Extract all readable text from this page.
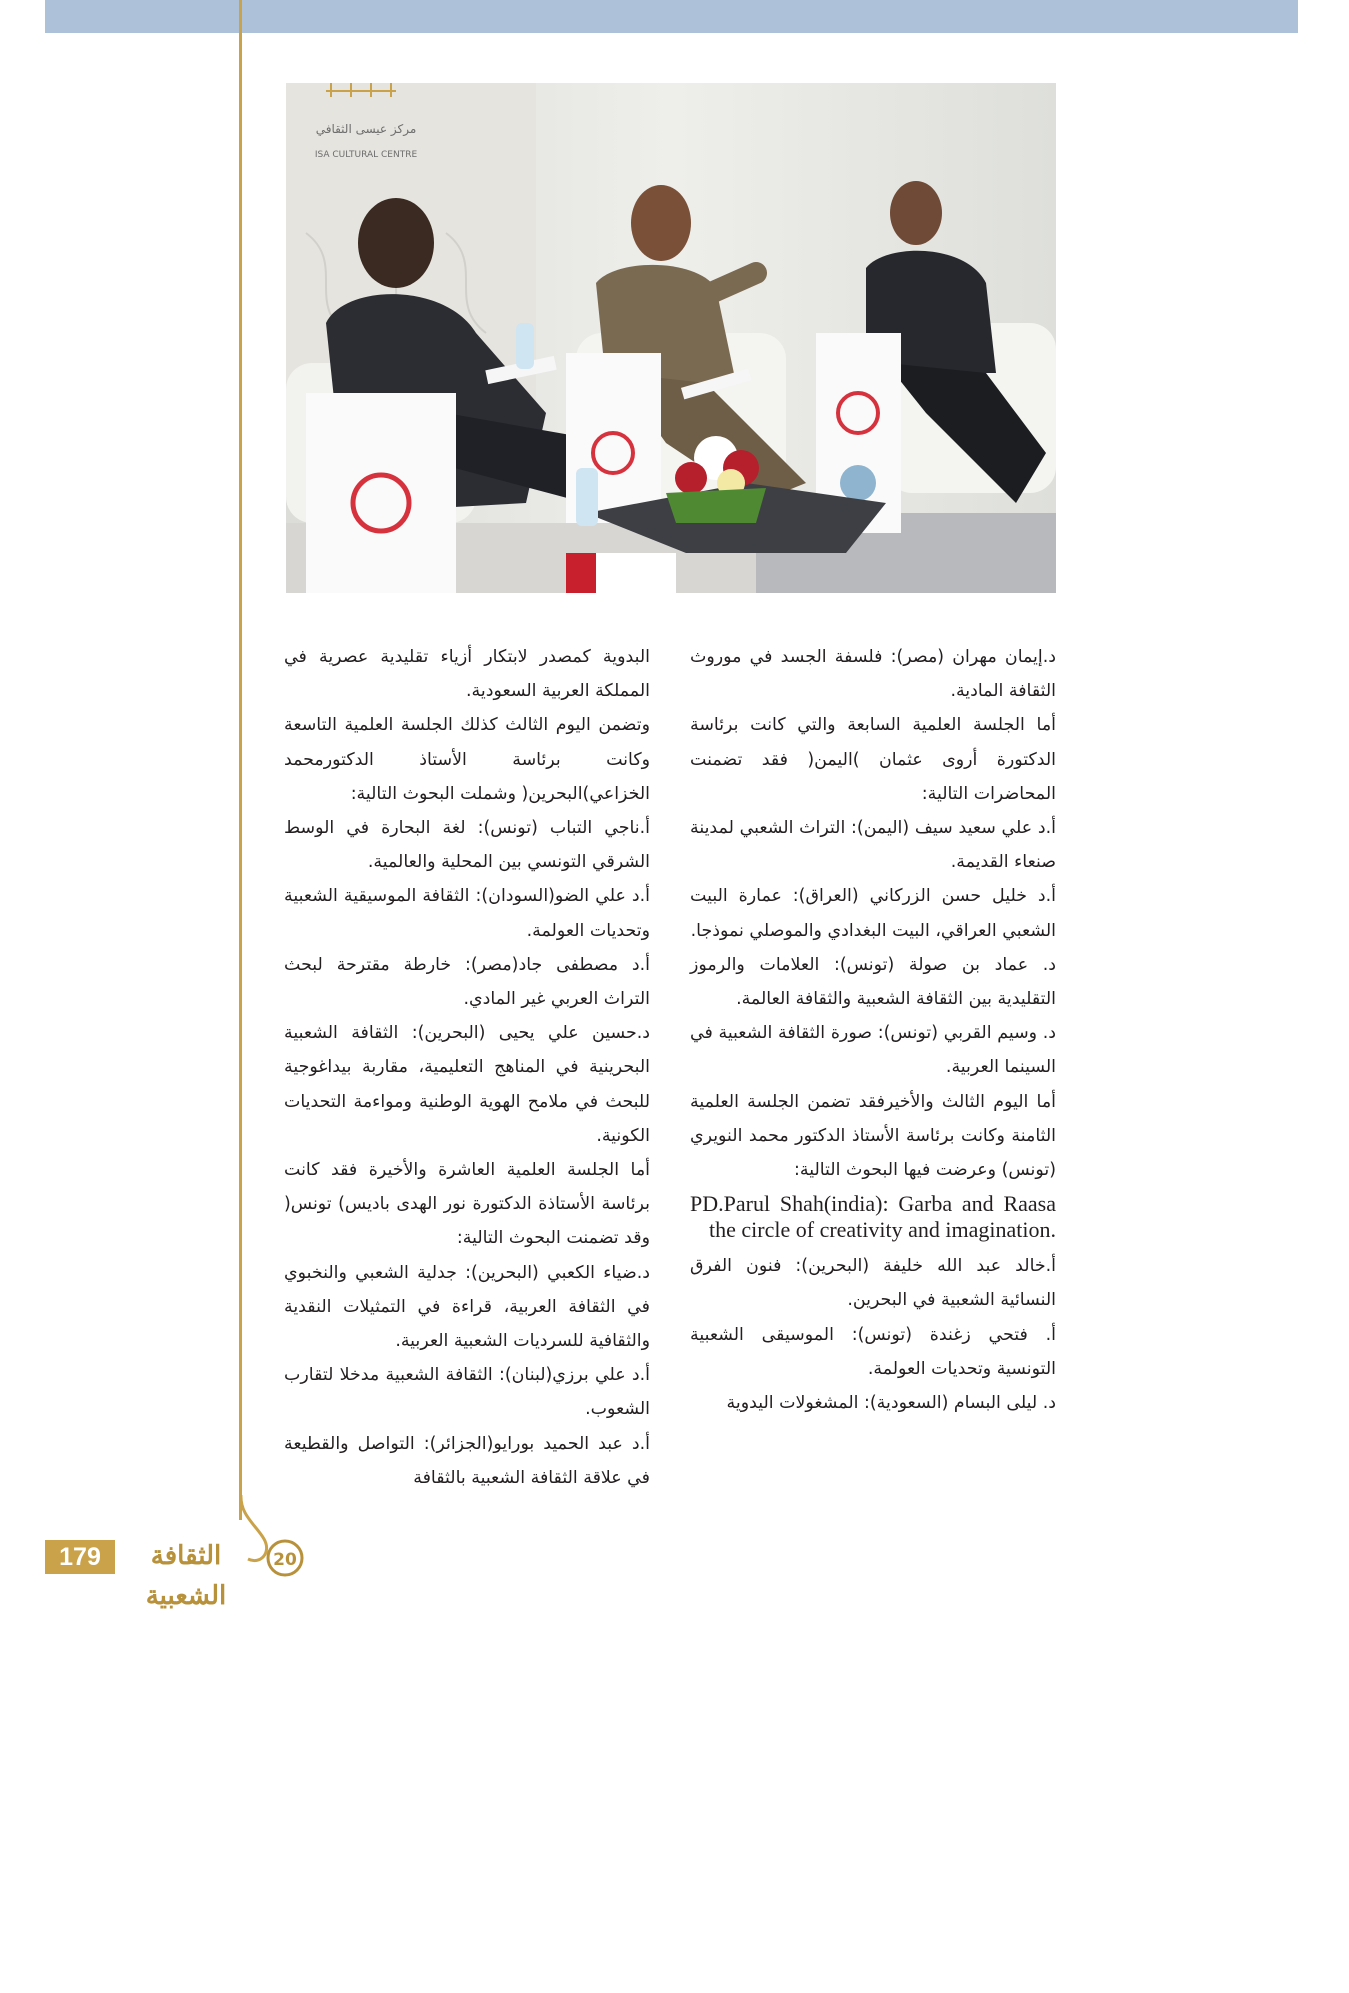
مركز عيسى الثقافي
ISA CULTURAL CENTRE

د.إيمان مهران (مصر): فلسفة الجسد في موروث الثقافة المادية.

أما الجلسة العلمية السابعة والتي كانت برئاسة الدكتورة أروى عثمان )اليمن( فقد تضمنت المحاضرات التالية:

أ.د علي سعيد سيف (اليمن): التراث الشعبي لمدينة صنعاء القديمة.

أ.د خليل حسن الزركاني (العراق): عمارة البيت الشعبي العراقي، البيت البغدادي والموصلي نموذجا.

د. عماد بن صولة (تونس): العلامات والرموز التقليدية بين الثقافة الشعبية والثقافة العالمة.

د. وسيم القربي (تونس): صورة الثقافة الشعبية في السينما العربية.

أما اليوم الثالث والأخيرفقد تضمن الجلسة العلمية الثامنة وكانت برئاسة الأستاذ الدكتور محمد النويري (تونس) وعرضت فيها البحوث التالية:

PD.Parul Shah(india): Garba and Raasa the circle of creativity and imagination.

أ.خالد عبد الله خليفة (البحرين): فنون الفرق النسائية الشعبية في البحرين.

أ. فتحي زغندة (تونس): الموسيقى الشعبية التونسية وتحديات العولمة.

د. ليلى البسام (السعودية): المشغولات اليدوية

البدوية كمصدر لابتكار أزياء تقليدية عصرية في المملكة العربية السعودية.

وتضمن اليوم الثالث كذلك الجلسة العلمية التاسعة وكانت برئاسة الأستاذ الدكتورمحمد الخزاعي)البحرين( وشملت البحوث التالية:

أ.ناجي التباب (تونس): لغة البحارة في الوسط الشرقي التونسي بين المحلية والعالمية.

أ.د علي الضو(السودان): الثقافة الموسيقية الشعبية وتحديات العولمة.

أ.د مصطفى جاد(مصر): خارطة مقترحة لبحث التراث العربي غير المادي.

د.حسين علي يحيى (البحرين): الثقافة الشعبية البحرينية في المناهج التعليمية، مقاربة بيداغوجية للبحث في ملامح الهوية الوطنية ومواءمة التحديات الكونية.

أما الجلسة العلمية العاشرة والأخيرة فقد كانت برئاسة الأستاذة الدكتورة نور الهدى باديس) تونس( وقد تضمنت البحوث التالية:

د.ضياء الكعبي (البحرين): جدلية الشعبي والنخبوي في الثقافة العربية، قراءة في التمثيلات النقدية والثقافية للسرديات الشعبية العربية.

أ.د علي برزي(لبنان): الثقافة الشعبية مدخلا لتقارب الشعوب.

أ.د عبد الحميد بورايو(الجزائر): التواصل والقطيعة في علاقة الثقافة الشعبية بالثقافة

179	الثقافة الشعبية
20
